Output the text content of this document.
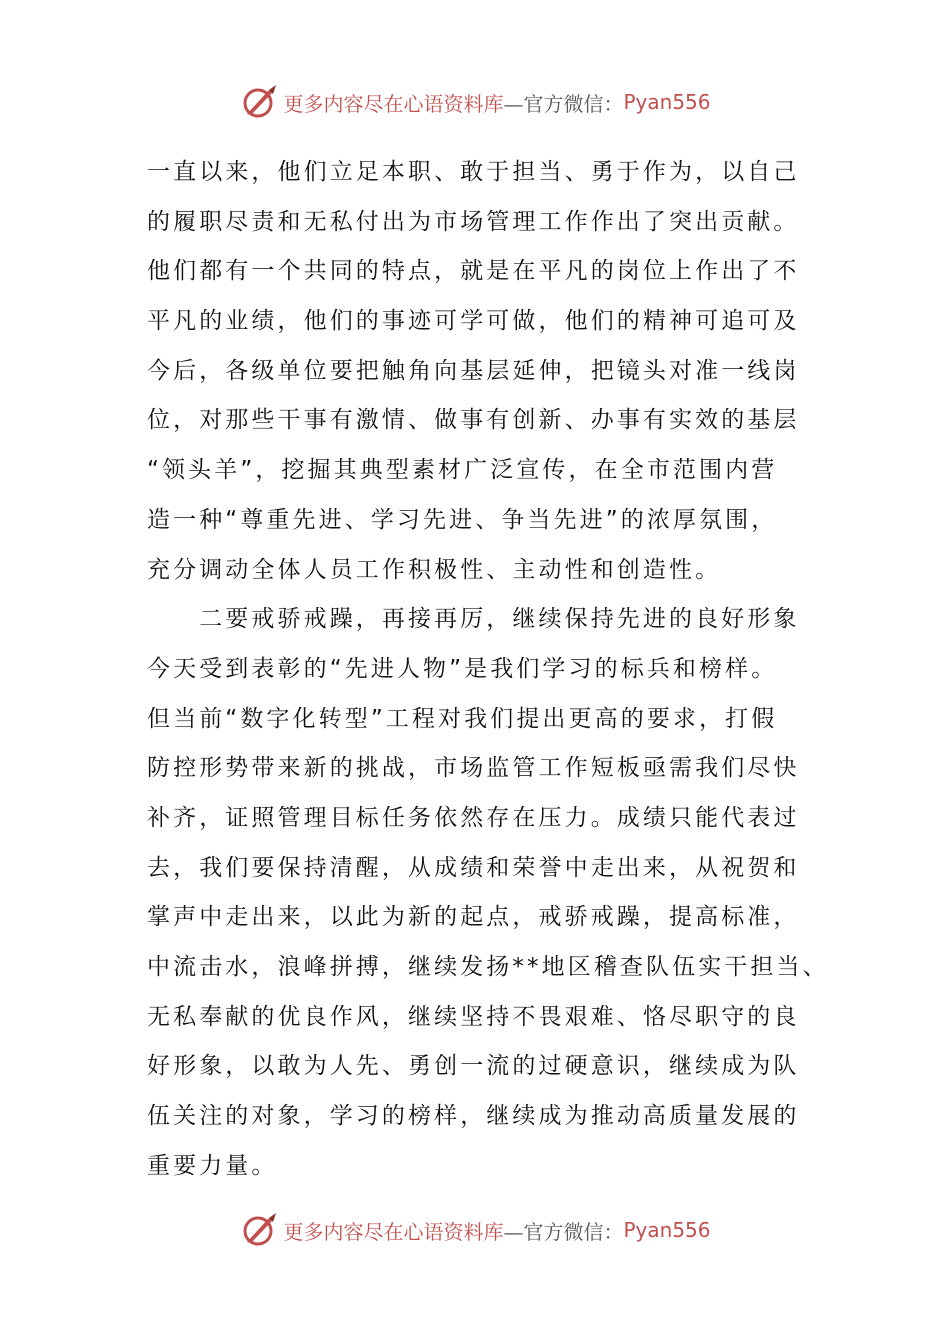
更多内容尽在心语资料库 —官方微信： Pyan556
一直以来，他们立足本职、敢于担当、勇于作为，以自己
的履职尽责和无私付出为市场管理工作作出了突出贡献。
他们都有一个共同的特点，就是在平凡的岗位上作出了不
平凡的业绩，他们的事迹可学可做，他们的精神可追可及
今后，各级单位要把触角向基层延伸，把镜头对准一线岗
位，对那些干事有激情、做事有创新、办事有实效的基层
“领头羊”，挖掘其典型素材广泛宣传，在全市范围内营
造一种“尊重先进、学习先进、争当先进”的浓厚氛围，
充分调动全体人员工作积极性、主动性和创造性。
　　二要戒骄戒躁，再接再厉，继续保持先进的良好形象
今天受到表彰的“先进人物”是我们学习的标兵和榜样。
但当前“数字化转型”工程对我们提出更高的要求，打假
防控形势带来新的挑战，市场监管工作短板亟需我们尽快
补齐，证照管理目标任务依然存在压力。成绩只能代表过
去，我们要保持清醒，从成绩和荣誉中走出来，从祝贺和
掌声中走出来，以此为新的起点，戒骄戒躁，提高标准，
中流击水，浪峰拼搏，继续发扬**地区稽查队伍实干担当、
无私奉献的优良作风，继续坚持不畏艰难、恪尽职守的良
好形象，以敢为人先、勇创一流的过硬意识，继续成为队
伍关注的对象，学习的榜样，继续成为推动高质量发展的
重要力量。
更多内容尽在心语资料库 —官方微信： Pyan556
